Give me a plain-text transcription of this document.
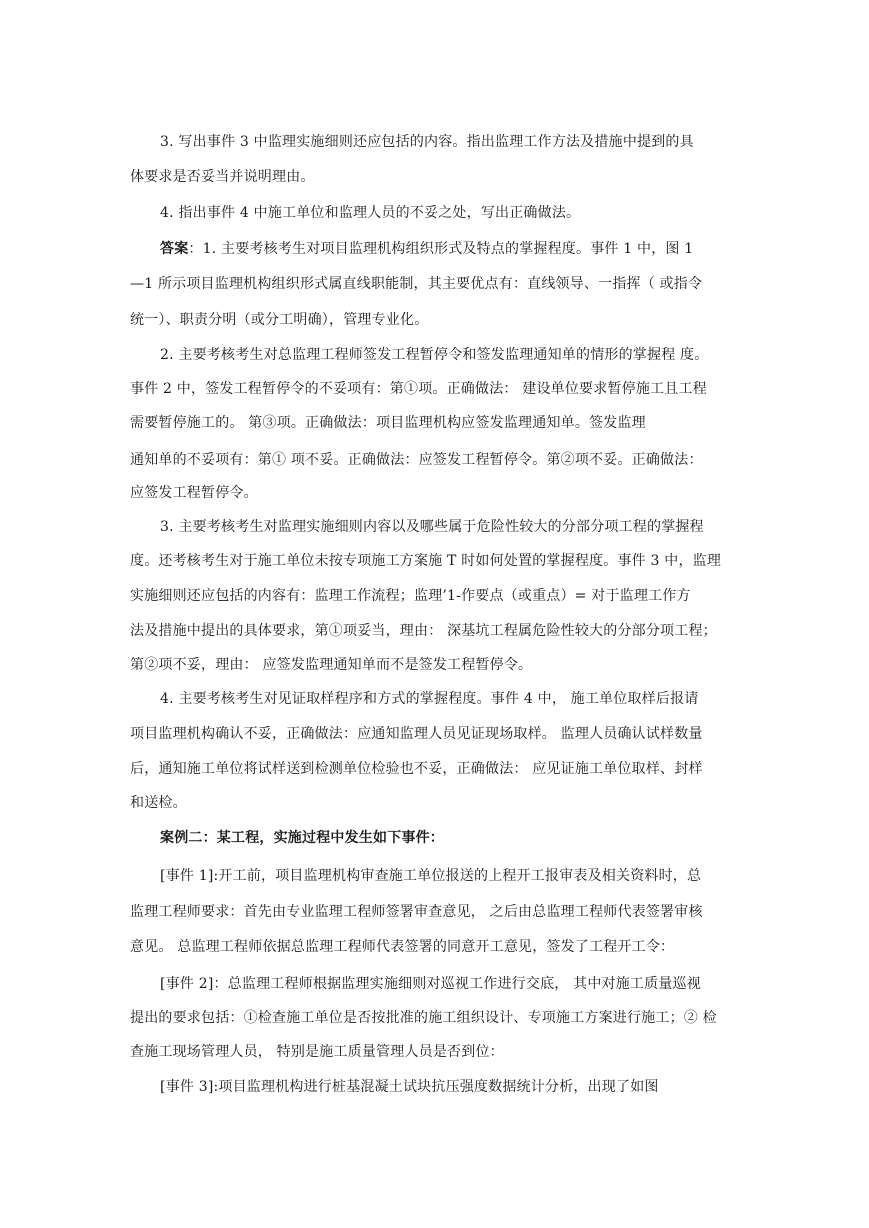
3. 写出事件 3 中监理实施细则还应包括的内容。指出监理工作方法及措施中提到的具
体要求是否妥当并说明理由。
4. 指出事件 4 中施工单位和监理人员的不妥之处，写出正确做法。
答案：1. 主要考核考生对项目监理机构组织形式及特点的掌握程度。事件 1 中，图 1
—1 所示项目监理机构组织形式属直线职能制，其主要优点有：直线领导、一指挥（ 或指令
统一）、职责分明（或分工明确），管理专业化。
2. 主要考核考生对总监理工程师签发工程暂停令和签发监理通知单的情形的掌握程 度。
事件 2 中，签发工程暂停令的不妥项有：第①项。正确做法： 建设单位要求暂停施工且工程
需要暂停施工的。 第③项。正确做法：项目监理机构应签发监理通知单。签发监理
通知单的不妥项有：第① 项不妥。正确做法：应签发工程暂停令。第②项不妥。正确做法：
应签发工程暂停令。
3. 主要考核考生对监理实施细则内容以及哪些属于危险性较大的分部分项工程的掌握程
度。还考核考生对于施工单位未按专项施工方案施 T 时如何处置的掌握程度。事件 3 中，监理
实施细则还应包括的内容有：监理工作流程；监理’1-作要点（或重点）= 对于监理工作方
法及措施中提出的具体要求，第①项妥当，理由： 深基坑工程属危险性较大的分部分项工程；
第②项不妥，理由： 应签发监理通知单而不是签发工程暂停令。
4. 主要考核考生对见证取样程序和方式的掌握程度。事件 4 中， 施工单位取样后报请
项目监理机构确认不妥，正确做法：应通知监理人员见证现场取样。 监理人员确认试样数量
后，通知施工单位将试样送到检测单位检验也不妥，正确做法： 应见证施工单位取样、封样
和送检。
案例二：某工程，实施过程中发生如下事件：
[事件 1]:开工前，项目监理机构审查施工单位报送的上程开工报审表及相关资料时，总
监理工程师要求：首先由专业监理工程师签署审查意见， 之后由总监理工程师代表签署审核
意见。 总监理工程师依据总监理工程师代表签署的同意开工意见，签发了工程开工令：
[事件 2]：总监理工程师根据监理实施细则对巡视工作进行交底， 其中对施工质量巡视
提出的要求包括：①检查施工单位是否按批准的施工组织设计、专项施工方案进行施工；② 检
查施工现场管理人员， 特别是施工质量管理人员是否到位：
[事件 3]:项目监理机构进行桩基混凝土试块抗压强度数据统计分析，出现了如图
